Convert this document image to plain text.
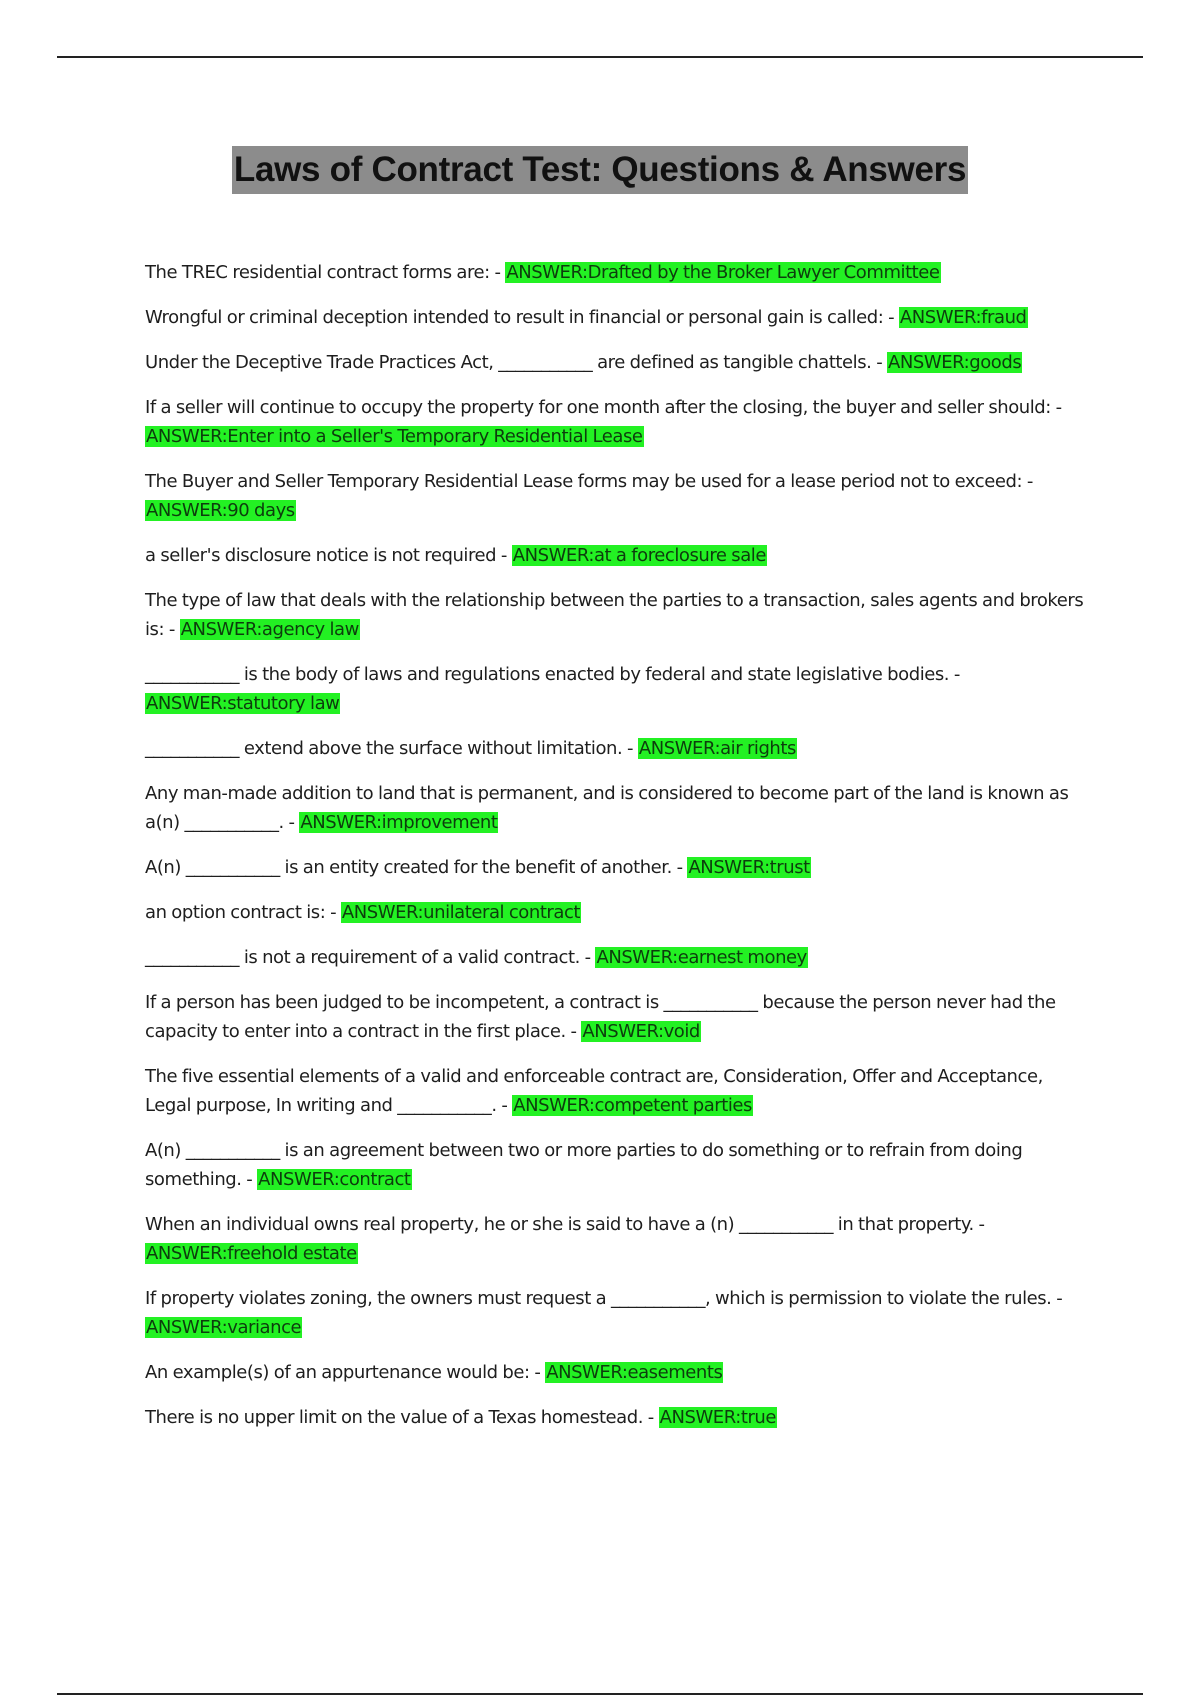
Laws of Contract Test: Questions & Answers

The TREC residential contract forms are: - ANSWER:Drafted by the Broker Lawyer Committee

Wrongful or criminal deception intended to result in financial or personal gain is called: - ANSWER:fraud

Under the Deceptive Trade Practices Act, ___________ are defined as tangible chattels. - ANSWER:goods

If a seller will continue to occupy the property for one month after the closing, the buyer and seller should: - ANSWER:Enter into a Seller's Temporary Residential Lease

The Buyer and Seller Temporary Residential Lease forms may be used for a lease period not to exceed: - ANSWER:90 days

a seller's disclosure notice is not required - ANSWER:at a foreclosure sale

The type of law that deals with the relationship between the parties to a transaction, sales agents and brokers is: - ANSWER:agency law

___________ is the body of laws and regulations enacted by federal and state legislative bodies. - ANSWER:statutory law

___________ extend above the surface without limitation. - ANSWER:air rights

Any man-made addition to land that is permanent, and is considered to become part of the land is known as a(n) ___________. - ANSWER:improvement

A(n) ___________ is an entity created for the benefit of another. - ANSWER:trust

an option contract is: - ANSWER:unilateral contract

___________ is not a requirement of a valid contract. - ANSWER:earnest money

If a person has been judged to be incompetent, a contract is ___________ because the person never had the capacity to enter into a contract in the first place. - ANSWER:void

The five essential elements of a valid and enforceable contract are, Consideration, Offer and Acceptance, Legal purpose, In writing and ___________. - ANSWER:competent parties

A(n) ___________ is an agreement between two or more parties to do something or to refrain from doing something. - ANSWER:contract

When an individual owns real property, he or she is said to have a (n) ___________ in that property. - ANSWER:freehold estate

If property violates zoning, the owners must request a ___________, which is permission to violate the rules. - ANSWER:variance

An example(s) of an appurtenance would be: - ANSWER:easements

There is no upper limit on the value of a Texas homestead. - ANSWER:true
